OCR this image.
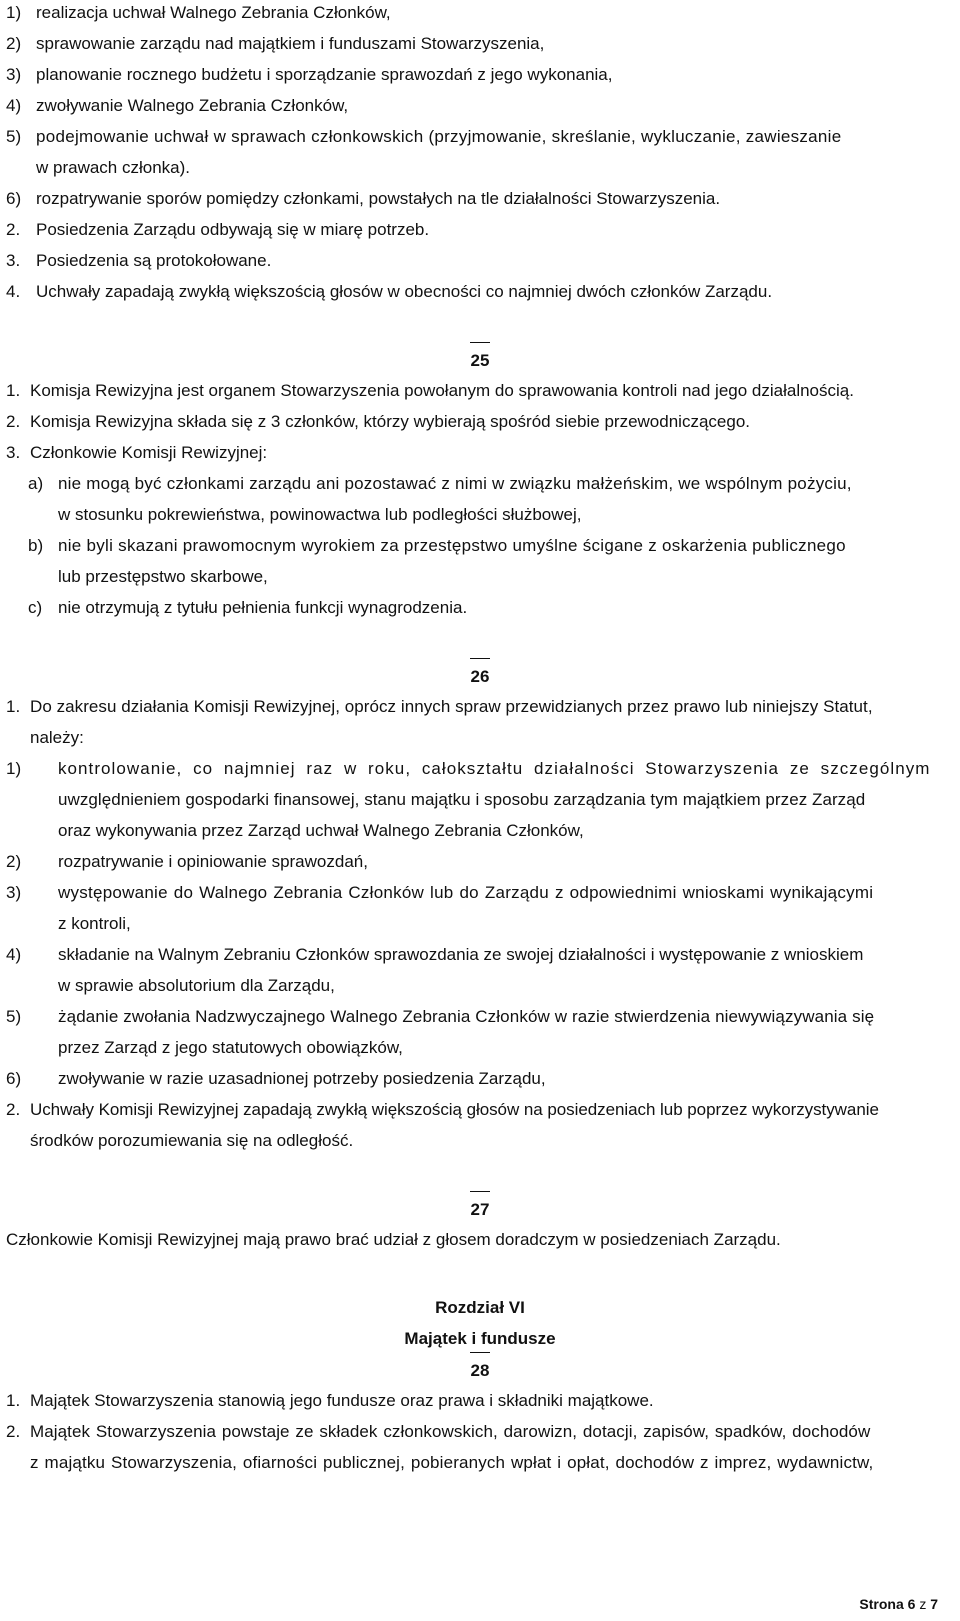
1) realizacja uchwał Walnego Zebrania Członków,
2) sprawowanie zarządu nad majątkiem i funduszami Stowarzyszenia,
3) planowanie rocznego budżetu i sporządzanie sprawozdań z jego wykonania,
4) zwoływanie Walnego Zebrania Członków,
5) podejmowanie uchwał w sprawach członkowskich (przyjmowanie, skreślanie, wykluczanie, zawieszanie
w prawach członka).
6) rozpatrywanie sporów pomiędzy członkami, powstałych na tle działalności Stowarzyszenia.
2. Posiedzenia Zarządu odbywają się w miarę potrzeb.
3. Posiedzenia są protokołowane.
4. Uchwały zapadają zwykłą większością głosów w obecności co najmniej dwóch członków Zarządu.
25
1. Komisja Rewizyjna jest organem Stowarzyszenia powołanym do sprawowania kontroli nad jego działalnością.
2. Komisja Rewizyjna składa się z 3 członków, którzy wybierają spośród siebie przewodniczącego.
3. Członkowie Komisji Rewizyjnej:
a) nie mogą być członkami zarządu ani pozostawać z nimi w związku małżeńskim, we wspólnym pożyciu,
w stosunku pokrewieństwa, powinowactwa lub podległości służbowej,
b) nie byli skazani prawomocnym wyrokiem za przestępstwo umyślne ścigane z oskarżenia publicznego
lub przestępstwo skarbowe,
c) nie otrzymują z tytułu pełnienia funkcji wynagrodzenia.
26
1. Do zakresu działania Komisji Rewizyjnej, oprócz innych spraw przewidzianych przez prawo lub niniejszy Statut,
należy:
1) kontrolowanie, co najmniej raz w roku, całokształtu działalności Stowarzyszenia ze szczególnym
uwzględnieniem gospodarki finansowej, stanu majątku i sposobu zarządzania tym majątkiem przez Zarząd
oraz wykonywania przez Zarząd uchwał Walnego Zebrania Członków,
2) rozpatrywanie i opiniowanie sprawozdań,
3) występowanie do Walnego Zebrania Członków lub do Zarządu z odpowiednimi wnioskami wynikającymi
z kontroli,
4) składanie na Walnym Zebraniu Członków sprawozdania ze swojej działalności i występowanie z wnioskiem
w sprawie absolutorium dla Zarządu,
5) żądanie zwołania Nadzwyczajnego Walnego Zebrania Członków w razie stwierdzenia niewywiązywania się
przez Zarząd z jego statutowych obowiązków,
6) zwoływanie w razie uzasadnionej potrzeby posiedzenia Zarządu,
2. Uchwały Komisji Rewizyjnej zapadają zwykłą większością głosów na posiedzeniach lub poprzez wykorzystywanie
środków porozumiewania się na odległość.
27
Członkowie Komisji Rewizyjnej mają prawo brać udział z głosem doradczym w posiedzeniach Zarządu.
Rozdział VI
Majątek i fundusze
28
1. Majątek Stowarzyszenia stanowią jego fundusze oraz prawa i składniki majątkowe.
2. Majątek Stowarzyszenia powstaje ze składek członkowskich, darowizn, dotacji, zapisów, spadków, dochodów
z majątku Stowarzyszenia, ofiarności publicznej, pobieranych wpłat i opłat, dochodów z imprez, wydawnictw,
Strona 6 z 7
